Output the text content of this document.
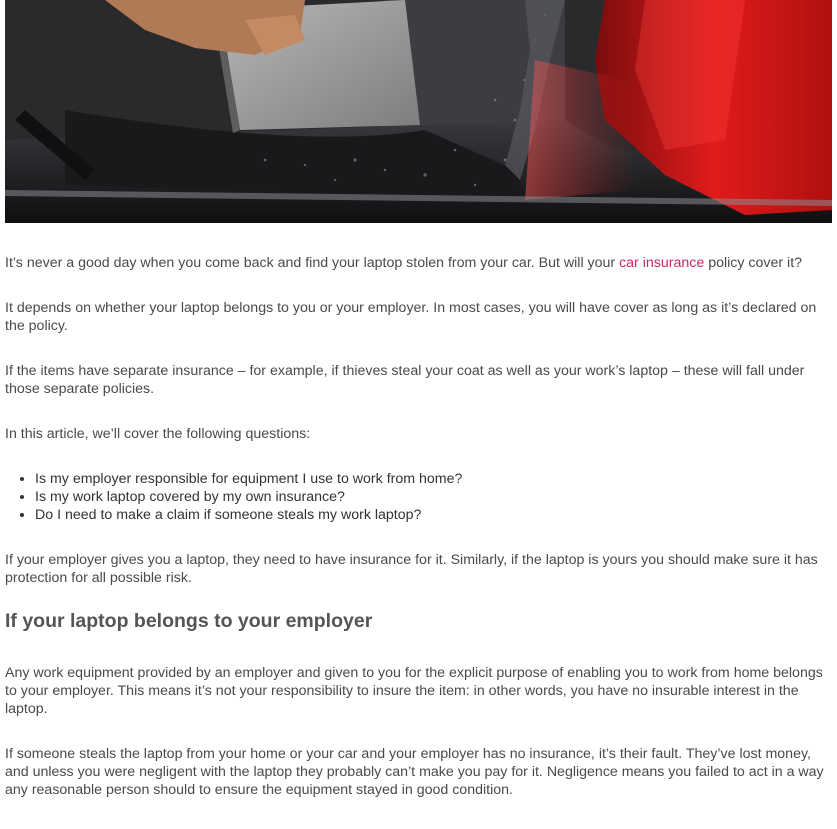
It’s never a good day when you come back and find your laptop stolen from your car. But will your car insurance policy cover it?

It depends on whether your laptop belongs to you or your employer. In most cases, you will have cover as long as it’s declared on the policy.

If the items have separate insurance – for example, if thieves steal your coat as well as your work’s laptop – these will fall under those separate policies.

In this article, we’ll cover the following questions:

• Is my employer responsible for equipment I use to work from home?
• Is my work laptop covered by my own insurance?
• Do I need to make a claim if someone steals my work laptop?

If your employer gives you a laptop, they need to have insurance for it. Similarly, if the laptop is yours you should make sure it has protection for all possible risk.

If your laptop belongs to your employer

Any work equipment provided by an employer and given to you for the explicit purpose of enabling you to work from home belongs to your employer. This means it’s not your responsibility to insure the item: in other words, you have no insurable interest in the laptop.

If someone steals the laptop from your home or your car and your employer has no insurance, it’s their fault. They’ve lost money, and unless you were negligent with the laptop they probably can’t make you pay for it. Negligence means you failed to act in a way any reasonable person should to ensure the equipment stayed in good condition.
